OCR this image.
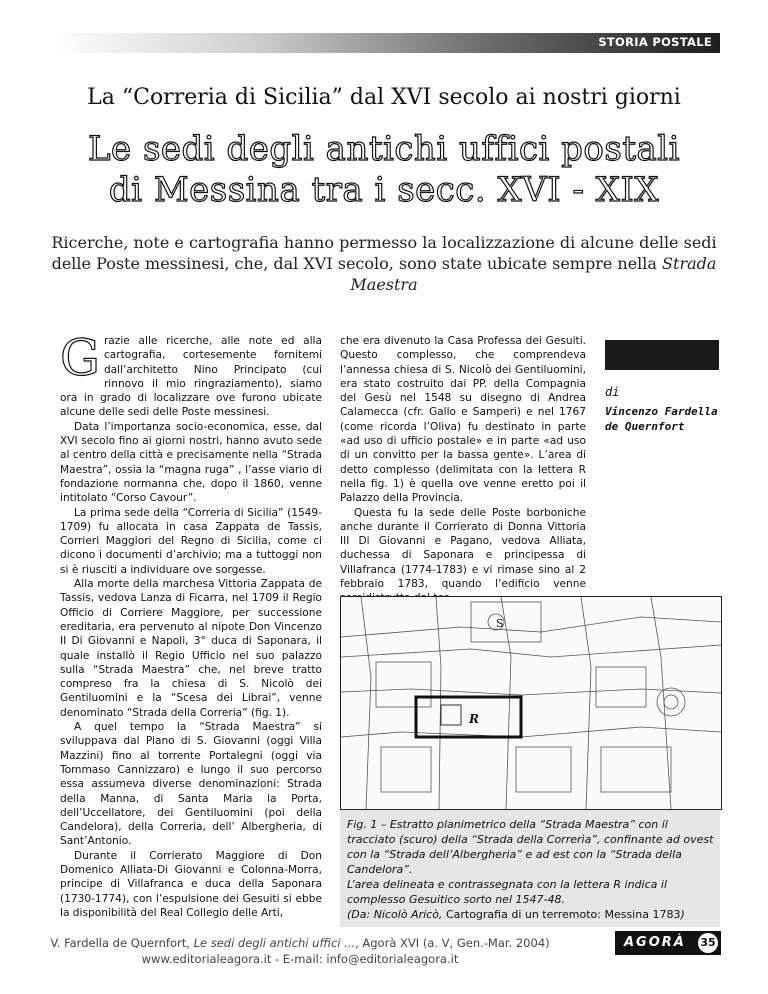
STORIA POSTALE
La “Correria di Sicilia” dal XVI secolo ai nostri giorni
Le sedi degli antichi uffici postali
di Messina tra i secc. XVI - XIX
Ricerche, note e cartografia hanno permesso la localizzazione di alcune delle sedi delle Poste messinesi, che, dal XVI secolo, sono state ubicate sempre nella Strada Maestra

Grazie alle ricerche, alle note ed alla cartografia, cortesemente fornitemi dall’architetto Nino Principato (cui rinnovo il mio ringraziamento), siamo ora in grado di localizzare ove furono ubicate alcune delle sedi delle Poste messinesi.

Data l’importanza socio-economica, esse, dal XVI secolo fino ai giorni nostri, hanno avuto sede al centro della città e precisamente nella “Strada Maestra”, ossia la “magna ruga” , l’asse viario di fondazione normanna che, dopo il 1860, venne intitolato “Corso Cavour”.

La prima sede della “Correria di Sicilia” (1549-1709) fu allocata in casa Zappata de Tassis, Corrieri Maggiori del Regno di Sicilia, come ci dicono i documenti d’archivio; ma a tuttoggi non si è riusciti a individuare ove sorgesse.

Alla morte della marchesa Vittoria Zappata de Tassis, vedova Lanza di Ficarra, nel 1709 il Regio Officio di Corriere Maggiore, per successione ereditaria, era pervenuto al nipote Don Vincenzo II Di Giovanni e Napoli, 3° duca di Saponara, il quale installò il Regio Ufficio nel suo palazzo sulla “Strada Maestra” che, nel breve tratto compreso fra la chiesa di S. Nicolò dei Gentiluomini e la “Scesa dei Librai”, venne denominato “Strada della Correria” (fig. 1).

A quel tempo la “Strada Maestra” si sviluppava dal Piano di S. Giovanni (oggi Villa Mazzini) fino al torrente Portalegni (oggi via Tommaso Cannizzaro) e lungo il suo percorso essa assumeva diverse denominazioni: Strada della Manna, di Santa Maria la Porta, dell’Uccellatore, dei Gentiluomini (poi della Candelora), della Correria, dell’ Albergheria, di Sant’Antonio.

Durante il Corrierato Maggiore di Don Domenico Alliata-Di Giovanni e Colonna-Morra, principe di Villafranca e duca della Saponara (1730-1774), con l’espulsione dei Gesuiti si ebbe la disponibilità del Real Collegio delle Arti,

che era divenuto la Casa Professa dei Gesuiti. Questo complesso, che comprendeva l’annessa chiesa di S. Nicolò dei Gentiluomini, era stato costruito dai PP. della Compagnia del Gesù nel 1548 su disegno di Andrea Calamecca (cfr. Gallo e Samperi) e nel 1767 (come ricorda l’Oliva) fu destinato in parte «ad uso di ufficio postale» e in parte «ad uso di un convitto per la bassa gente». L’area di detto complesso (delimitata con la lettera R nella fig. 1) è quella ove venne eretto poi il Palazzo della Provincia.

Questa fu la sede delle Poste borboniche anche durante il Corrierato di Donna Vittoria III Di Giovanni e Pagano, vedova Alliata, duchessa di Saponara e principessa di Villafranca (1774-1783) e vi rimase sino al 2 febbraio 1783, quando l’edificio venne

di
Vincenzo Fardella de Quernfort
R
S
Fig. 1 – Estratto planimetrico della “Strada Maestra” con il tracciato (scuro) della “Strada della Correrìa”, confinante ad ovest con la “Strada dell’Albergheria” e ad est con la “Strada della Candelora”.
L’area delineata e contrassegnata con la lettera R indica il complesso Gesuitico sorto nel 1547-48.
(Da: Nicolò Aricò, Cartografia di un terremoto: Messina 1783)
V. Fardella de Quernfort, Le sedi degli antichi uffici ..., Agorà XVI (a. V, Gen.-Mar. 2004)
www.editorialeagora.it - E-mail: info@editorialeagora.it
AGORÀ 35
